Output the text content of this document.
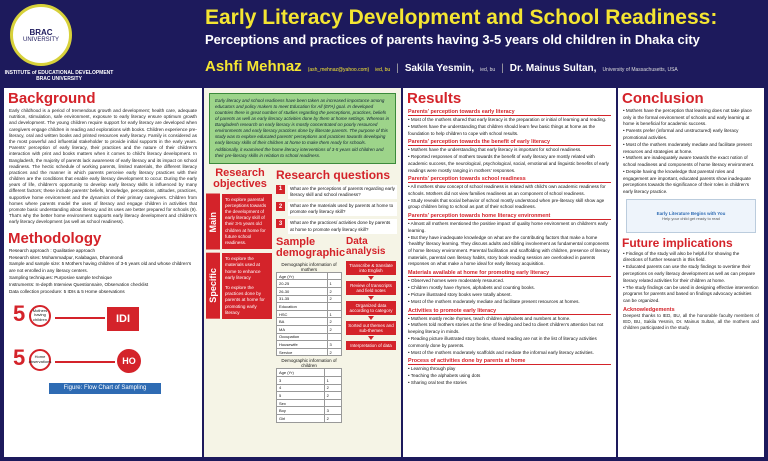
BRAC
UNIVERSITY
INSTITUTE of EDUCATIONAL DEVELOPMENT
BRAC UNIVERSITY
Early Literacy Development and School Readiness:
Perceptions and practices of parents having 3-5 years old children in Dhaka city
Ashfi Mehnaz (ash_mehnaz@yahoo.com) ied, bu | Sakila Yesmin, ied, bu | Dr. Mainus Sultan, University of Massachusetts, USA
Background
Early childhood is a period of tremendous growth and development; health care, adequate nutrition, stimulation, safe environment, exposure to early literacy ensure optimum growth and development. The young children require support for early literacy are developed when caregivers engage children in reading and explorations with books. Children experience pre-literacy, oral and written books and printed resources early literacy. Family is considered as the most powerful and influential stakeholder to provide initial supports in the early years. Parents’ perception of early literacy, their practices and the nature of their children’s interaction with print and books matters when it comes to child’s literacy development. In Bangladesh, the majority of parents lack awareness of early literacy and its impact on school readiness. The hectic schedule of working parents, limited materials, the different literacy practices and the manner in which parents perceive early literacy practices with their children are the conditions that enable early literacy development to occur. During the early years of life, children’s opportunity to develop early literacy skills is influenced by many different factors; these include parents’ beliefs, knowledge, perceptions, attitudes, practices, supportive home environment and the dynamics of their primary caregivers. Children from homes where parents model the uses of literacy and engage children in activities that promote basic understanding about literacy and its uses are better prepared for schools (9). That’s why the better home environment supports early literacy development and children’s early literacy development (as well as school readiness).
Methodology
Research approach : Qualitative approach
Research sites: Mohammadpur, Kalabagan, Dhanmondi
Sample and sample size: 5 Mothers having children of 3-5 years old and whose children’s are not enrolled in any literacy centers.
Sampling techniques: Purposive sample technique
Instruments: In-depth Interview Questionnaire, Observation checklist
Data collection procedure: 5 IDIs & 5 Home observations
5 Mothers
having
children	IDI
5	Home
observations	HO
Figure: Flow Chart of Sampling
Early literacy and school readiness have been taken as increased importance among educators and policy makers to meet Education for All (EFA) goal. In developed countries there is great number of studies regarding the perceptions, practices, beliefs of parents as well as early literacy activities done by them at home settings. Whereas in Bangladesh research on early literacy is mostly concentrated on poorly resourced environments and early literacy practices done by illiterate parents. The purpose of this study was to explore educated parents’ perceptions and practices towards developing early literacy skills of their children at home to make them ready for schools. Additionally, it examined the home literacy interventions of 3-5 years old children and their pre-literacy skills in relation to school readiness.
Research objectives
Main
To explore parental perceptions towards the development of early literacy skill of their 3-5 years old children at home for future school readiness.
Specific
To explore the materials used at home to enhance early literacy
To explore the practices done by parents at home for promoting early literacy
Research questions
1	What are the perceptions of parents regarding early literacy skill and school readiness?
2	What are the materials used by parents at home to promote early literacy skill?
3	What are the practices/ activities done by parents at home to promote early literacy skill?
Sample demographic
Demographic information of mothers
Age (Yr)	
20-25	1
26-30	2
31-35	2
Education	
HSC	1
BA	2
MA	2
Occupation	
Housewife	3
Service	2
Demographic information of children
Age (Yr)	
3	1
4	2
5	2
Sex	
Boy	3
Girl	2
Data analysis
Transcribe & translate into English
Review of transcripts and field notes
Organized data according to category
Sorted out themes and sub-themes
Interpretation of data
Results
Parents’ perception towards early literacy
• Most of the mothers shared that early literacy is the preparation or initial of learning and reading.
• Mothers have the understanding that children should learn few basic things at home as the foundation to help children to cope with school results.
Parents’ perception towards the benefit of early literacy
• Mothers have the understanding that early literacy is important for school readiness.
• Reported responses of mothers towards the benefit of early literacy are mostly related with academic success, the neurological, psychological, social, emotional and linguistic benefits of early readings were mostly ranging in mothers’ responses.
Parents’ perception towards school readiness
• All mothers show concept of school readiness is related with child’s own academic readiness for schools. Mothers did not view families readiness as an component of school readiness.
• Study reveals that social behavior of school mostly understood when pre-literacy skill show age group children bring to school as part of their school readiness.
Parents’ perception towards home literacy environment
• Almost all mothers mentioned the positive impact of quality home environment on children’s early learning.
• But they have inadequate knowledge on what are the contributing factors that make a home ‘healthy’ literacy learning. They discuss adults and sibling involvement as fundamental components of home literacy environment. Parental facilitation and scaffolding with children, presence of literacy materials, parental own literacy habits, story book reading session are overlooked in parents responses on what make a home ideal for early literacy acquisition.
Materials available at home for promoting early literacy
• Observed homes were moderately resourced.
• Children mostly have rhymes, alphabets and counting books.
• Picture illustrated story books were totally absent.
• Most of the mothers moderately mediate and facilitate present resources at homes.
Activities to promote early literacy
• Mothers mostly recite rhymes, teach children alphabets and numbers at home.
• Mothers told mothers stories at the time of feeding and bed to divert children’s attention but not keeping literacy in minds.
• Reading picture illustrated story books, shared reading are not in the list of literacy activities commonly done by parents.
• Most of the mothers moderately scaffolds and mediate the informal early literacy activities.
Process of activities done by parents at home
• Learning through play
• Teaching the alphabets using dots
• Sharing oral text the stories
Conclusion
• Mothers have the perception that learning does not take place only in the formal environment of schools and early learning at home is beneficial for academic success.
• Parents prefer (informal and unstructured) early literacy promotional activities.
• Most of the mothers moderately mediate and facilitate present resources and strategies at home.
• Mothers are inadequately aware towards the exact notion of school readiness and components of home literacy environment.
• Despite having the knowledge that parental roles and engagement are important, educated parents show inadequate perceptions towards the significance of their roles in children’s early literacy practice.
Early Literature Begins with You
Help your child get ready to read
Future implications
• Findings of the study will also be helpful for showing the directions of further research in this field.
• Educated parents can use the study findings to overtime their perceptions on early literacy development as well as can prepare literacy related activities for their children at home.
• The study findings can be used in designing effective intervention programs for parents and based on findings advocacy activities can be organized.
Acknowledgements
Deepest thanks to IED, BU, all the honorable faculty members of IED, BU, Sakila Yesmin, Dr. Mainus Sultan, all the mothers and children participated in the study.
